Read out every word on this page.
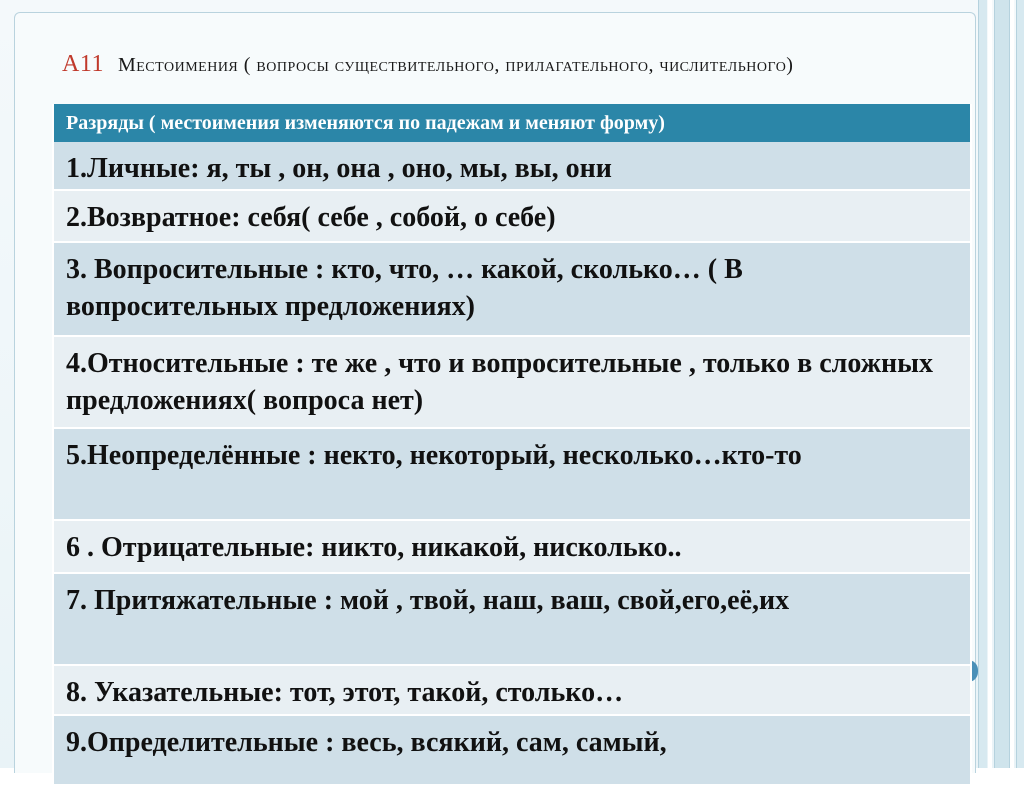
А11 Местоимения ( вопросы существительного, прилагательного, числительного)
Разряды ( местоимения изменяются по падежам и меняют форму)
1.Личные: я, ты , он, она , оно, мы, вы, они
2.Возвратное: себя( себе , собой, о себе)
3. Вопросительные : кто, что, … какой, сколько… ( В вопросительных предложениях)
4.Относительные : те же , что и вопросительные , только в сложных предложениях( вопроса нет)
5.Неопределённые : некто, некоторый, несколько…кто-то
6 . Отрицательные: никто, никакой, нисколько..
7. Притяжательные : мой , твой, наш, ваш, свой,его,её,их
8. Указательные: тот, этот, такой, столько…
9.Определительные : весь, всякий, сам, самый,
